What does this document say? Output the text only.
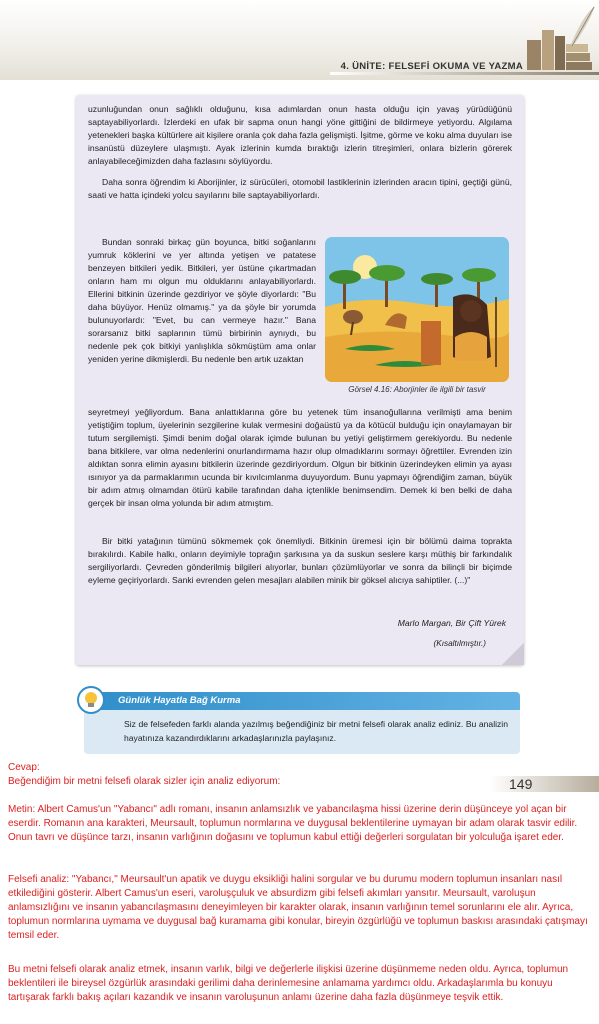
4. ÜNİTE: FELSEFİ OKUMA VE YAZMA

uzunluğundan onun sağlıklı olduğunu, kısa adımlardan onun hasta olduğu için yavaş yürüdüğünü saptayabiliyorlardı. İzlerdeki en ufak bir sapma onun hangi yöne gittiğini de bildirmeye yetiyordu. Algılama yetenekleri başka kültürlere ait kişilere oranla çok daha fazla gelişmişti. İşitme, görme ve koku alma duyuları ise insanüstü düzeylere ulaşmıştı. Ayak izlerinin kumda bıraktığı izlerin titreşimleri, onlara bizlerin görerek anlayabileceğimizden daha fazlasını söylüyordu.

Daha sonra öğrendim ki Aborijinler, iz sürücüleri, otomobil lastiklerinin izlerinden aracın tipini, geçtiği günü, saati ve hatta içindeki yolcu sayılarını bile saptayabiliyorlardı.

Bundan sonraki birkaç gün boyunca, bitki soğanlarını yumruk köklerini ve yer altında yetişen ve patatese benzeyen bitkileri yedik. Bitkileri, yer üstüne çıkartmadan onların ham mı olgun mu olduklarını anlayabiliyorlardı. Ellerini bitkinin üzerinde gezdiriyor ve şöyle diyorlardı: "Bu daha büyüyor. Henüz olmamış." ya da şöyle bir yorumda bulunuyorlardı: "Evet, bu can vermeye hazır." Bana sorarsanız bitki saplarının tümü birbirinin aynıydı, bu nedenle pek çok bitkiyi yanlışlıkla sökmüştüm ama onlar yeniden yerine dikmişlerdi. Bu nedenle ben artık uzaktan

Görsel 4.16: Aborjinler ile ilgili bir tasvir

seyretmeyi yeğliyordum. Bana anlattıklarına göre bu yetenek tüm insanoğullarına verilmişti ama benim yetiştiğim toplum, üyelerinin sezgilerine kulak vermesini doğaüstü ya da kötücül bulduğu için onaylamayan bir tutum sergilemişti. Şimdi benim doğal olarak içimde bulunan bu yetiyi geliştirmem gerekiyordu. Bu nedenle bana bitkilere, var olma nedenlerini onurlandırmama hazır olup olmadıklarını sormayı öğrettiler. Evrenden izin aldıktan sonra elimin ayasını bitkilerin üzerinde gezdiriyordum. Olgun bir bitkinin üzerindeyken elimin ya ayası ısınıyor ya da parmaklarımın ucunda bir kıvılcımlanma duyuyordum. Bunu yapmayı öğrendiğim zaman, büyük bir adım atmış olmamdan ötürü kabile tarafından daha içtenlikle benimsendim. Demek ki ben belki de daha gerçek bir insan olma yolunda bir adım atmıştım.

Bir bitki yatağının tümünü sökmemek çok önemliydi. Bitkinin üremesi için bir bölümü daima toprakta bırakılırdı. Kabile halkı, onların deyimiyle toprağın şarkısına ya da suskun seslere karşı müthiş bir farkındalık sergiliyorlardı. Çevreden gönderilmiş bilgileri alıyorlar, bunları çözümlüyorlar ve sonra da bilinçli bir biçimde eyleme geçiriyorlardı. Sanki evrenden gelen mesajları alabilen minik bir göksel alıcıya sahiptiler. (...)"

Marlo Margan, Bir Çift Yürek
(Kısaltılmıştır.)
Günlük Hayatla Bağ Kurma

Siz de felsefeden farklı alanda yazılmış beğendiğiniz bir metni felsefi olarak analiz ediniz. Bu analizin hayatınıza kazandırdıklarını arkadaşlarınızla paylaşınız.

149

Cevap:

Beğendiğim bir metni felsefi olarak sizler için analiz ediyorum:

Metin: Albert Camus'un "Yabancı" adlı romanı, insanın anlamsızlık ve yabancılaşma hissi üzerine derin düşünceye yol açan bir eserdir. Romanın ana karakteri, Meursault, toplumun normlarına ve duygusal beklentilerine uymayan bir adam olarak tasvir edilir. Onun tavrı ve düşünce tarzı, insanın varlığının doğasını ve toplumun kabul ettiği değerleri sorgulatan bir yolculuğa işaret eder.

Felsefi analiz: "Yabancı," Meursault'un apatik ve duygu eksikliği halini sorgular ve bu durumu modern toplumun insanları nasıl etkilediğini gösterir. Albert Camus'un eseri, varoluşçuluk ve absurdizm gibi felsefi akımları yansıtır. Meursault, varoluşun anlamsızlığını ve insanın yabancılaşmasını deneyimleyen bir karakter olarak, insanın varlığının temel sorunlarını ele alır. Ayrıca, toplumun normlarına uymama ve duygusal bağ kuramama gibi konular, bireyin özgürlüğü ve toplumun baskısı arasındaki çatışmayı temsil eder.

Bu metni felsefi olarak analiz etmek, insanın varlık, bilgi ve değerlerle ilişkisi üzerine düşünmeme neden oldu. Ayrıca, toplumun beklentileri ile bireysel özgürlük arasındaki gerilimi daha derinlemesine anlamama yardımcı oldu. Arkadaşlarımla bu konuyu tartışarak farklı bakış açıları kazandık ve insanın varoluşunun anlamı üzerine daha fazla düşünmeye teşvik ettik.
